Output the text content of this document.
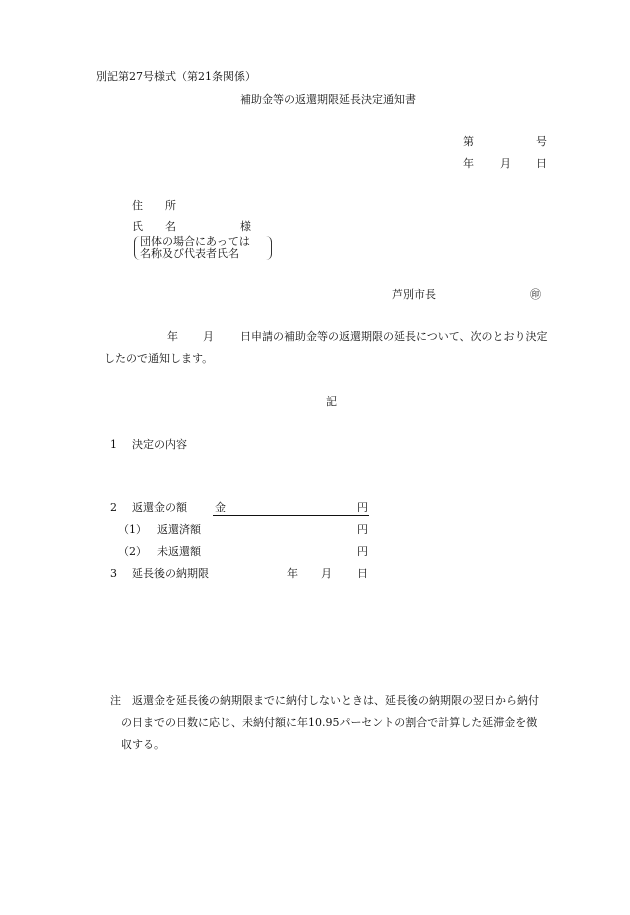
別記第27号様式（第21条関係）
補助金等の返還期限延長決定通知書
第	号
年 月 日
住　　所
氏　　名	様
団体の場合にあっては
名称及び代表者氏名
芦別市長	㊞
年 月 日申請の補助金等の返還期限の延長について、次のとおり決定
したので通知します。
記
1 決定の内容
2 返還金の額	金	円
（1） 返還済額	円
（2） 未返還額	円
3 延長後の納期限	年 月 日
注 返還金を延長後の納期限までに納付しないときは、延長後の納期限の翌日から納付
の日までの日数に応じ、未納付額に年10.95パーセントの割合で計算した延滞金を徴
収する。
